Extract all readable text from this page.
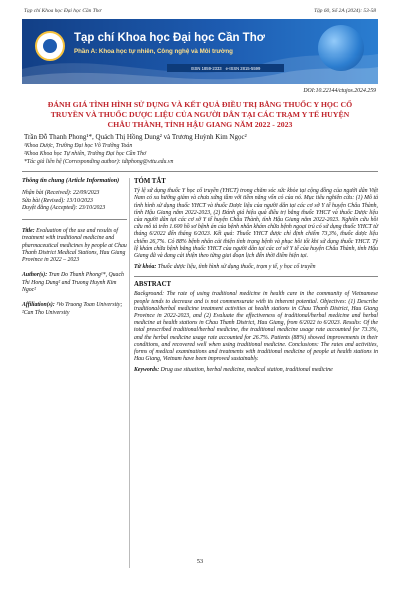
Tạp chí Khoa học Đại học Cần Thơ	Tập 60, Số 2A (2024): 53-58
Tạp chí Khoa học Đại học Cần Thơ
Phần A: Khoa học tự nhiên, Công nghệ và Môi trường
ISSN 1859-2333 e-ISSN 2815-5599
DOI:10.22144/ctujos.2024.259
ĐÁNH GIÁ TÌNH HÌNH SỬ DỤNG VÀ KẾT QUẢ ĐIỀU TRỊ BẰNG THUỐC Y HỌC CỔ TRUYỀN VÀ THUỐC DƯỢC LIỆU CỦA NGƯỜI DÂN TẠI CÁC TRẠM Y TẾ HUYỆN CHÂU THÀNH, TỈNH HẬU GIANG NĂM 2022 - 2023
Trần Đỗ Thanh Phong¹*, Quách Thị Hồng Dung² và Trương Huỳnh Kim Ngọc²
¹Khoa Dược, Trường Đại học Võ Trường Toản
²Khoa Khoa học Tự nhiên, Trường Đại học Cần Thơ
*Tác giả liên hệ (Corresponding author): tdtphong@vttu.edu.vn
Thông tin chung (Article Information)
Nhận bài (Received): 22/09/2023
Sửa bài (Revised): 13/10/2023
Duyệt đăng (Accepted): 23/10/2023
Title: Evaluation of the use and results of treatment with traditional medicine and pharmaceutical medicines by people at Chau Thanh District Medical Stations, Hau Giang Province in 2022 – 2023
Author(s): Tran Do Thanh Phong¹*, Quach Thi Hong Dung² and Truong Huynh Kim Ngoc²
Affiliation(s): ¹Vo Truong Toan University; ²Can Tho University
TÓM TẮT

Tỷ lệ sử dụng thuốc Y học cổ truyền (YHCT) trong chăm sóc sức khỏe tại cộng đồng của người dân Việt Nam có xu hướng giảm và chưa xứng tầm với tiềm năng vốn có của nó. Mục tiêu nghiên cứu: (1) Mô tả tình hình sử dụng thuốc YHCT và thuốc Dược liệu của người dân tại các cơ sở Y tế huyện Châu Thành, tỉnh Hậu Giang năm 2022-2023, (2) Đánh giá hiệu quả điều trị bằng thuốc YHCT và thuốc Dược liệu của người dân tại các cơ sở Y tế huyện Châu Thành, tỉnh Hậu Giang năm 2022-2023. Nghiên cứu hồi cứu mô tả trên 1.600 hồ sơ bệnh án của bệnh nhân khám chữa bệnh ngoại trú có sử dụng thuốc YHCT từ tháng 6/2022 đến tháng 6/2023. Kết quả: Thuốc YHCT được chỉ định chiếm 73,3%, thuốc dược liệu chiếm 26,7%. Có 88% bệnh nhân cải thiện tình trạng bệnh và phục hồi tốt khi sử dụng thuốc YHCT. Tỷ lệ khám chữa bệnh bằng thuốc YHCT của người dân tại các cơ sở Y tế của huyện Châu Thành, tỉnh Hậu Giang đã và đang cải thiện theo từng giai đoạn lịch đến thời điểm hiện tại.

Từ khóa: Thuốc dược liệu, tình hình sử dụng thuốc, trạm y tế, y học cổ truyền

ABSTRACT

Background: The rate of using traditional medicine in health care in the community of Vietnamese people tends to decrease and is not commensurate with its inherent potential. Objectives: (1) Describe traditional/herbal medicine treatment activities at health stations in Chau Thanh District, Hau Giang Province in 2022-2023, and (2) Evaluate the effectiveness of traditional/herbal medicine and herbal medicine at health stations in Chau Thanh District, Hau Giang, from 6/2022 to 6/2023. Results: Of the total prescribed traditional/herbal medicine, the traditional medicine usage rate accounted for 73.3%, and the herbal medicine usage rate accounted for 26.7%. Patients (88%) showed improvements in their conditions, and recovered well when using traditional medicine. Conclusions: The rates and activities, forms of medical examinations and treatments with traditional medicine of people at health stations in Hau Giang, Vietnam have been improved sustainably.

Keywords: Drug use situation, herbal medicine, medical station, traditional medicine

53
